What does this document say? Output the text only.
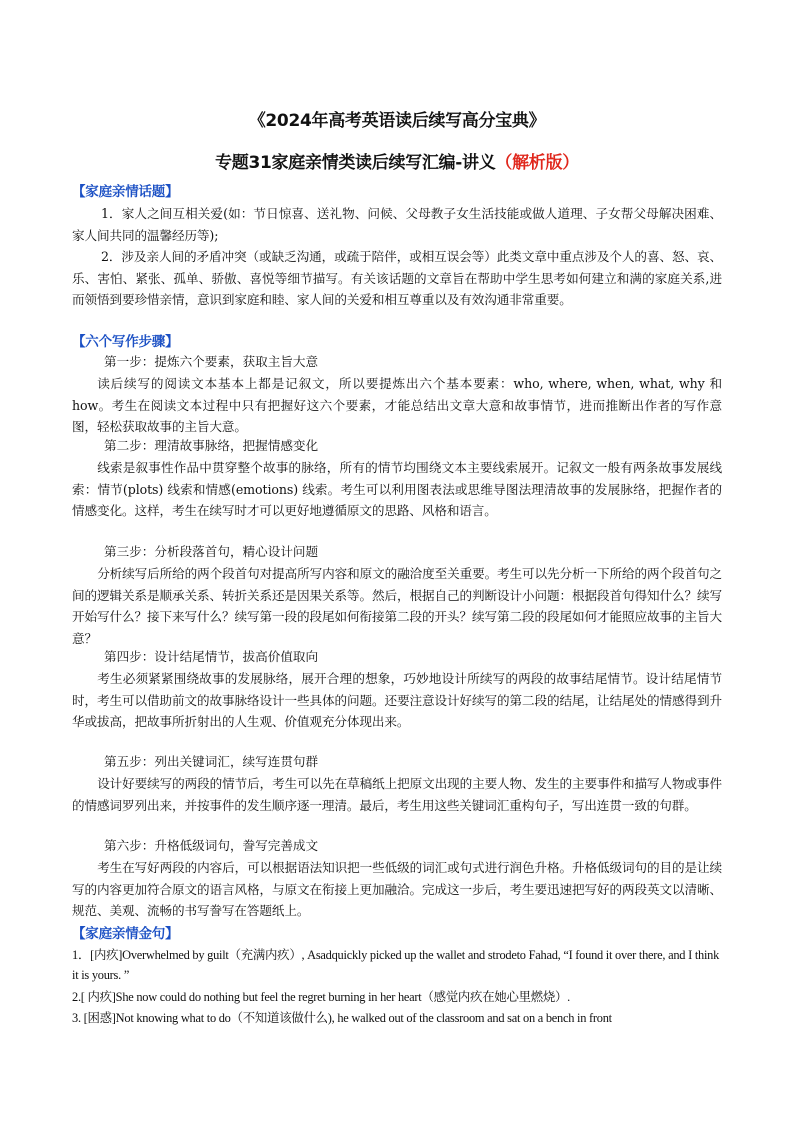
《2024年高考英语读后续写高分宝典》
专题31家庭亲情类读后续写汇编-讲义（解析版）
【家庭亲情话题】
1．家人之间互相关爱(如：节日惊喜、送礼物、问候、父母教子女生活技能或做人道理、子女帮父母解决困难、家人间共同的温馨经历等);
2．涉及亲人间的矛盾冲突（或缺乏沟通，或疏于陪伴，或相互误会等）此类文章中重点涉及个人的喜、怒、哀、乐、害怕、紧张、孤单、骄傲、喜悦等细节描写。有关该话题的文章旨在帮助中学生思考如何建立和满的家庭关系,进而领悟到要珍惜亲情，意识到家庭和睦、家人间的关爱和相互尊重以及有效沟通非常重要。
【六个写作步骤】
第一步：提炼六个要素，获取主旨大意
读后续写的阅读文本基本上都是记叙文，所以要提炼出六个基本要素：who, where, when, what, why 和 how。考生在阅读文本过程中只有把握好这六个要素，才能总结出文章大意和故事情节，进而推断出作者的写作意图，轻松获取故事的主旨大意。
第二步：理清故事脉络，把握情感变化
线索是叙事性作品中贯穿整个故事的脉络，所有的情节均围绕文本主要线索展开。记叙文一般有两条故事发展线索：情节(plots) 线索和情感(emotions) 线索。考生可以利用图表法或思维导图法理清故事的发展脉络，把握作者的情感变化。这样，考生在续写时才可以更好地遵循原文的思路、风格和语言。
第三步：分析段落首句，精心设计问题
分析续写后所给的两个段首句对提高所写内容和原文的融洽度至关重要。考生可以先分析一下所给的两个段首句之间的逻辑关系是顺承关系、转折关系还是因果关系等。然后，根据自己的判断设计小问题：根据段首句得知什么？续写开始写什么？接下来写什么？续写第一段的段尾如何衔接第二段的开头？续写第二段的段尾如何才能照应故事的主旨大意？
第四步：设计结尾情节，拔高价值取向
考生必须紧紧围绕故事的发展脉络，展开合理的想象，巧妙地设计所续写的两段的故事结尾情节。设计结尾情节时，考生可以借助前文的故事脉络设计一些具体的问题。还要注意设计好续写的第二段的结尾，让结尾处的情感得到升华或拔高，把故事所折射出的人生观、价值观充分体现出来。
第五步：列出关键词汇，续写连贯句群
设计好要续写的两段的情节后，考生可以先在草稿纸上把原文出现的主要人物、发生的主要事件和描写人物或事件的情感词罗列出来，并按事件的发生顺序逐一理清。最后，考生用这些关键词汇重构句子，写出连贯一致的句群。
第六步：升格低级词句，誊写完善成文
考生在写好两段的内容后，可以根据语法知识把一些低级的词汇或句式进行润色升格。升格低级词句的目的是让续写的内容更加符合原文的语言风格，与原文在衔接上更加融洽。完成这一步后，考生要迅速把写好的两段英文以清晰、规范、美观、流畅的书写誊写在答题纸上。
【家庭亲情金句】
1．[内疚]Overwhelmed by guilt（充满内疚）, Asadquickly picked up the wallet and strodeto Fahad, “I found it over there, and I think it is yours. ”
2.[ 内疚]She now could do nothing but feel the regret burning in her heart（感觉内疚在她心里燃烧）.
3. [困惑]Not knowing what to do（不知道该做什么), he walked out of the classroom and sat on a bench in front
